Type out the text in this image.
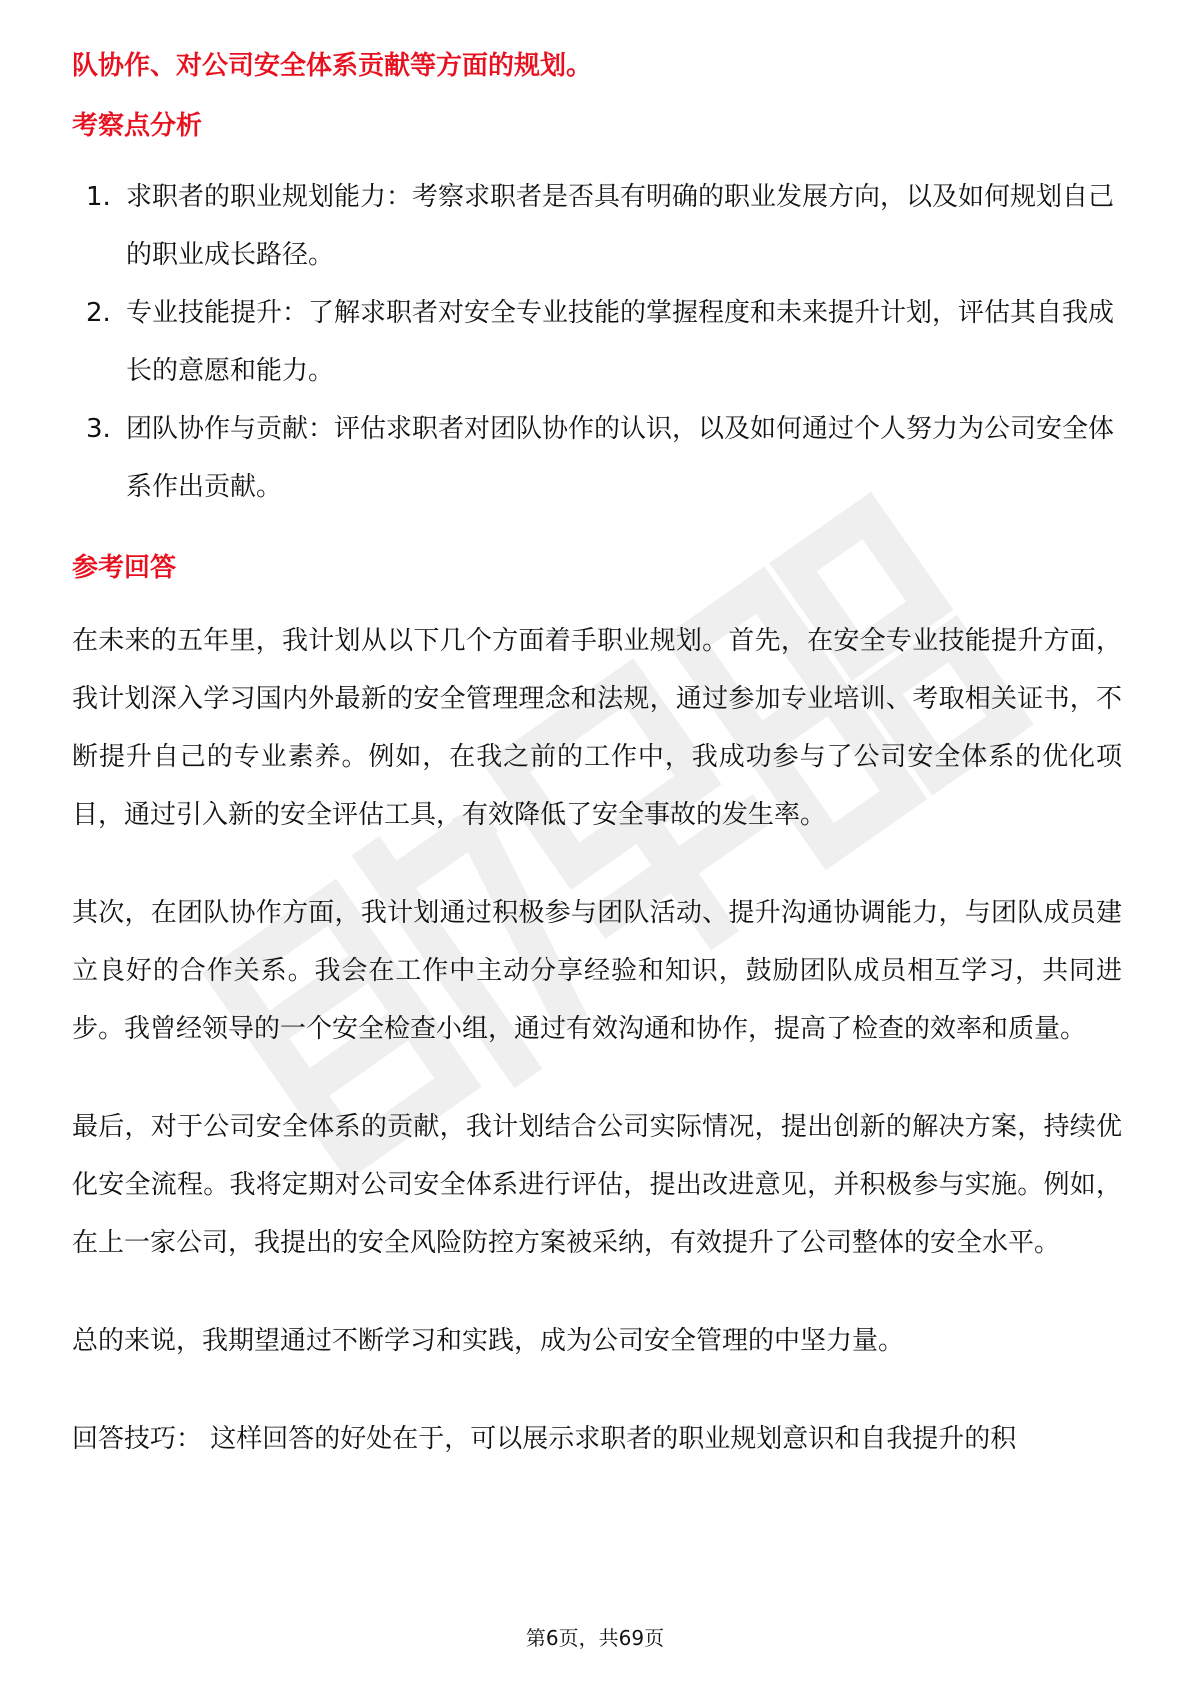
队协作、对公司安全体系贡献等方面的规划。

考察点分析
1. 求职者的职业规划能力：考察求职者是否具有明确的职业发展方向，以及如何规划自己的职业成长路径。
2. 专业技能提升：了解求职者对安全专业技能的掌握程度和未来提升计划，评估其自我成长的意愿和能力。
3. 团队协作与贡献：评估求职者对团队协作的认识，以及如何通过个人努力为公司安全体系作出贡献。
参考回答

在未来的五年里，我计划从以下几个方面着手职业规划。首先，在安全专业技能提升方面，我计划深入学习国内外最新的安全管理理念和法规，通过参加专业培训、考取相关证书，不断提升自己的专业素养。例如，在我之前的工作中，我成功参与了公司安全体系的优化项目，通过引入新的安全评估工具，有效降低了安全事故的发生率。

其次，在团队协作方面，我计划通过积极参与团队活动、提升沟通协调能力，与团队成员建立良好的合作关系。我会在工作中主动分享经验和知识，鼓励团队成员相互学习，共同进步。我曾经领导的一个安全检查小组，通过有效沟通和协作，提高了检查的效率和质量。

最后，对于公司安全体系的贡献，我计划结合公司实际情况，提出创新的解决方案，持续优化安全流程。我将定期对公司安全体系进行评估，提出改进意见，并积极参与实施。例如，在上一家公司，我提出的安全风险防控方案被采纳，有效提升了公司整体的安全水平。

总的来说，我期望通过不断学习和实践，成为公司安全管理的中坚力量。

回答技巧： 这样回答的好处在于，可以展示求职者的职业规划意识和自我提升的积

第6页，共69页
